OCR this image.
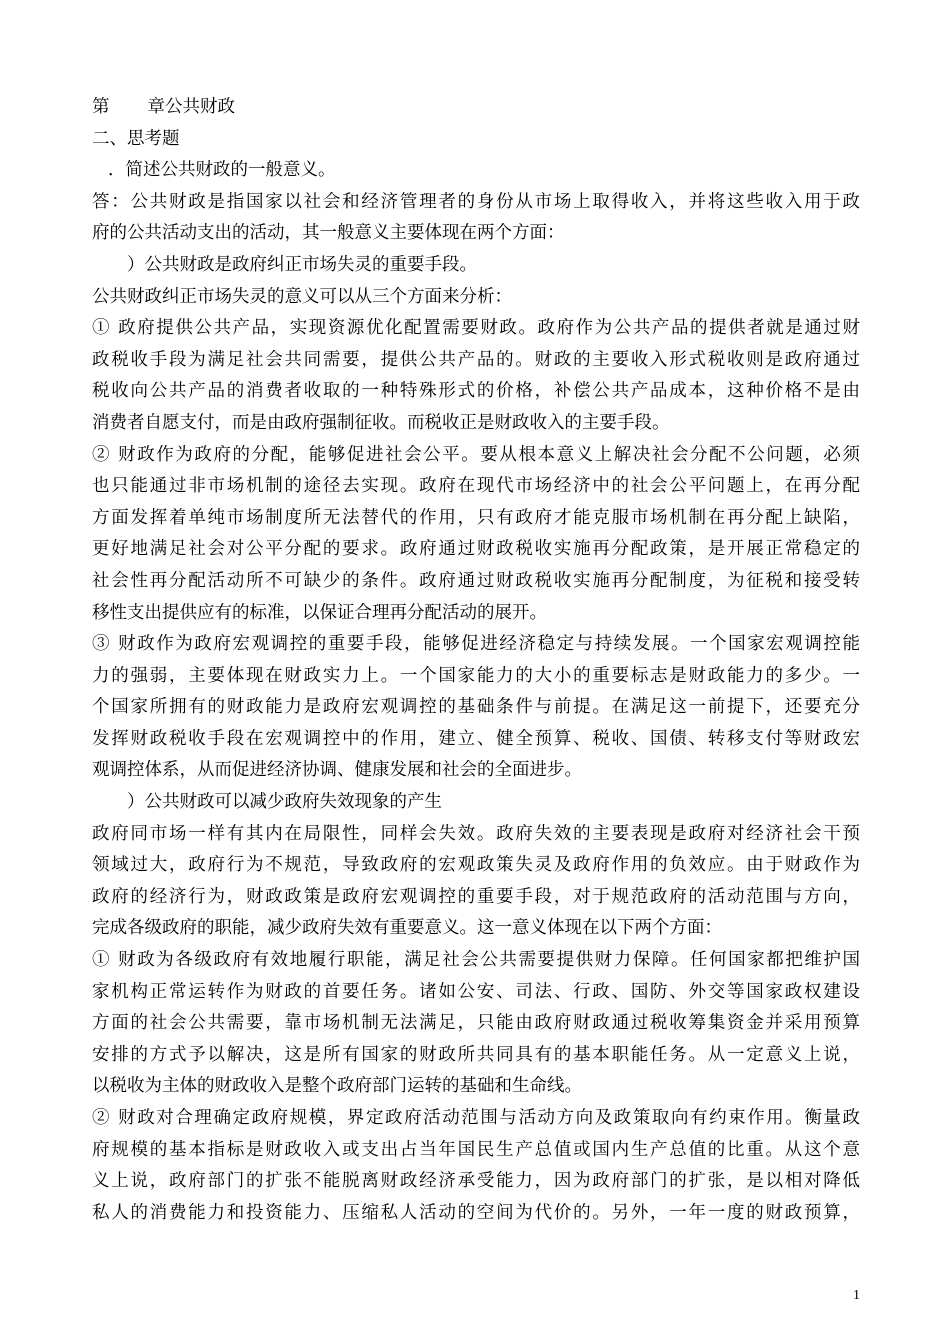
第 章公共财政
二、思考题
．简述公共财政的一般意义。
答：公共财政是指国家以社会和经济管理者的身份从市场上取得收入，并将这些收入用于政
府的公共活动支出的活动，其一般意义主要体现在两个方面：
）公共财政是政府纠正市场失灵的重要手段。
公共财政纠正市场失灵的意义可以从三个方面来分析：
① 政府提供公共产品，实现资源优化配置需要财政。政府作为公共产品的提供者就是通过财
政税收手段为满足社会共同需要，提供公共产品的。财政的主要收入形式税收则是政府通过
税收向公共产品的消费者收取的一种特殊形式的价格，补偿公共产品成本，这种价格不是由
消费者自愿支付，而是由政府强制征收。而税收正是财政收入的主要手段。
② 财政作为政府的分配，能够促进社会公平。要从根本意义上解决社会分配不公问题，必须
也只能通过非市场机制的途径去实现。政府在现代市场经济中的社会公平问题上，在再分配
方面发挥着单纯市场制度所无法替代的作用，只有政府才能克服市场机制在再分配上缺陷，
更好地满足社会对公平分配的要求。政府通过财政税收实施再分配政策，是开展正常稳定的
社会性再分配活动所不可缺少的条件。政府通过财政税收实施再分配制度，为征税和接受转
移性支出提供应有的标准，以保证合理再分配活动的展开。
③ 财政作为政府宏观调控的重要手段，能够促进经济稳定与持续发展。一个国家宏观调控能
力的强弱，主要体现在财政实力上。一个国家能力的大小的重要标志是财政能力的多少。一
个国家所拥有的财政能力是政府宏观调控的基础条件与前提。在满足这一前提下，还要充分
发挥财政税收手段在宏观调控中的作用，建立、健全预算、税收、国债、转移支付等财政宏
观调控体系，从而促进经济协调、健康发展和社会的全面进步。
）公共财政可以减少政府失效现象的产生
政府同市场一样有其内在局限性，同样会失效。政府失效的主要表现是政府对经济社会干预
领域过大，政府行为不规范，导致政府的宏观政策失灵及政府作用的负效应。由于财政作为
政府的经济行为，财政政策是政府宏观调控的重要手段，对于规范政府的活动范围与方向，
完成各级政府的职能，减少政府失效有重要意义。这一意义体现在以下两个方面：
① 财政为各级政府有效地履行职能，满足社会公共需要提供财力保障。任何国家都把维护国
家机构正常运转作为财政的首要任务。诸如公安、司法、行政、国防、外交等国家政权建设
方面的社会公共需要，靠市场机制无法满足，只能由政府财政通过税收筹集资金并采用预算
安排的方式予以解决，这是所有国家的财政所共同具有的基本职能任务。从一定意义上说，
以税收为主体的财政收入是整个政府部门运转的基础和生命线。
② 财政对合理确定政府规模，界定政府活动范围与活动方向及政策取向有约束作用。衡量政
府规模的基本指标是财政收入或支出占当年国民生产总值或国内生产总值的比重。从这个意
义上说，政府部门的扩张不能脱离财政经济承受能力，因为政府部门的扩张，是以相对降低
私人的消费能力和投资能力、压缩私人活动的空间为代价的。另外，一年一度的财政预算，
1
